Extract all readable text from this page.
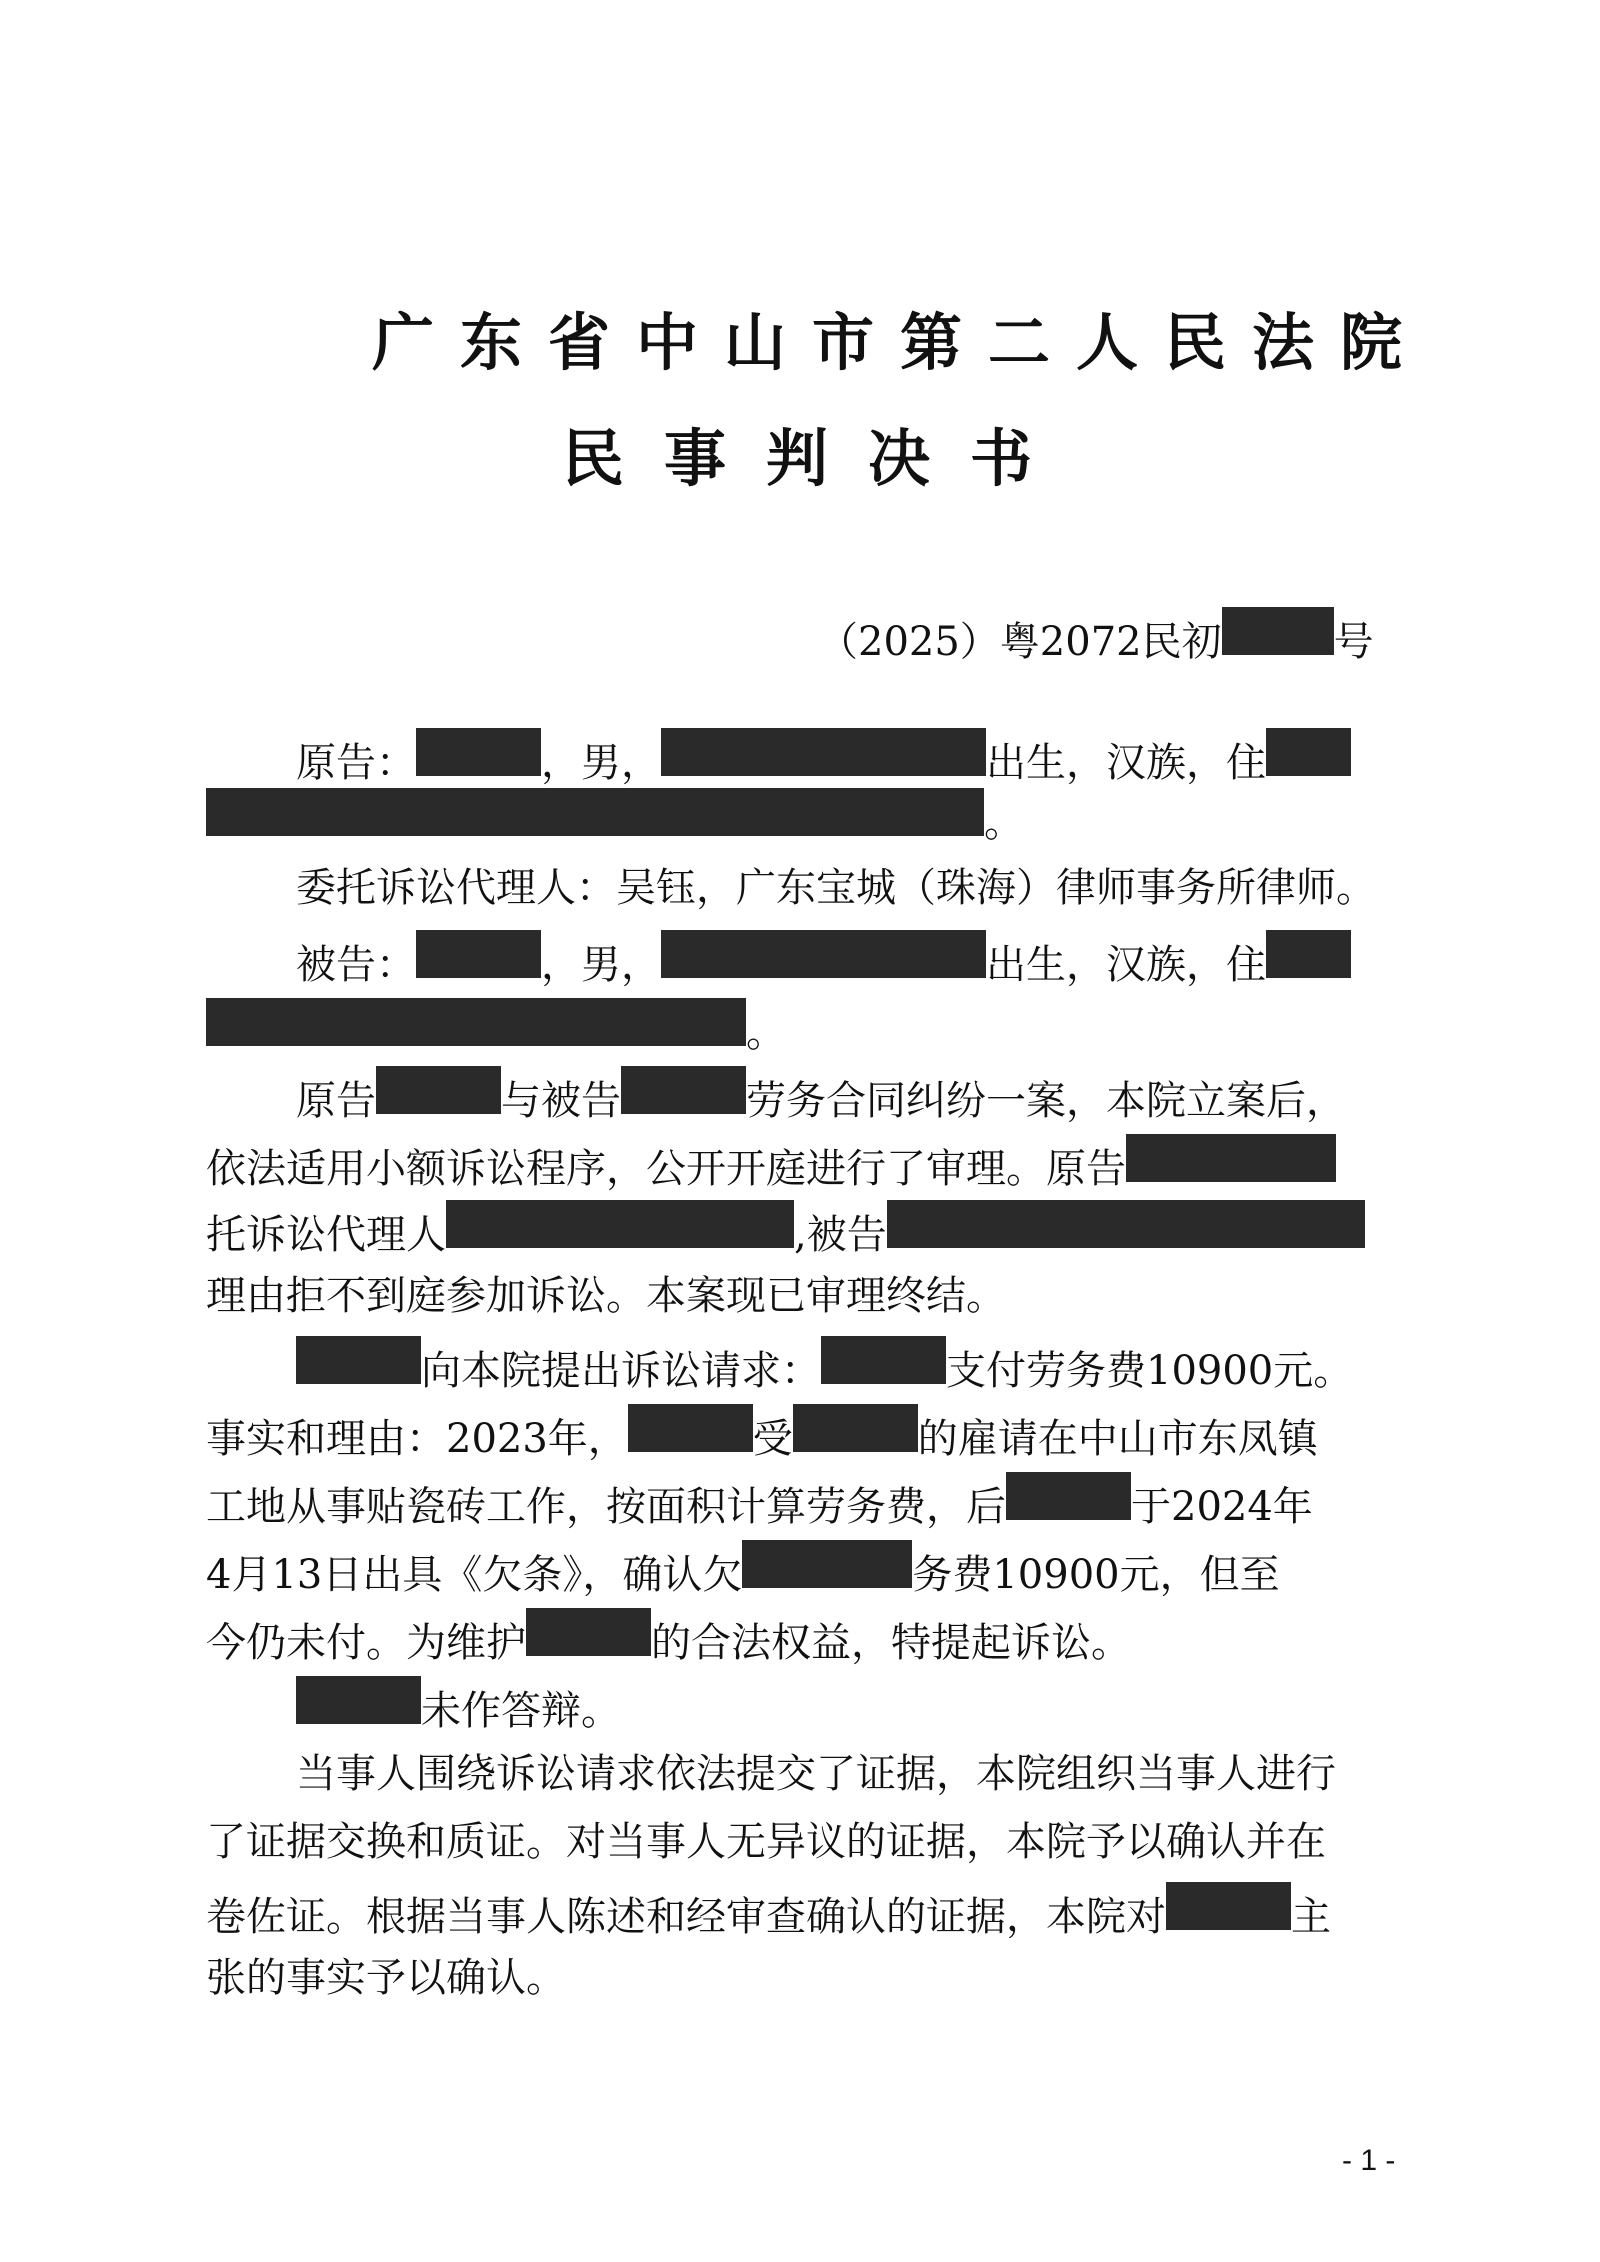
广东省中山市第二人民法院
民事判决书
（2025）粤2072民初	号
原告：	，男，	出生，汉族，住
。
委托诉讼代理人：吴钰，广东宝城（珠海）律师事务所律师。
被告：	，男，	出生，汉族，住
。
原告	与被告	劳务合同纠纷一案，本院立案后，
依法适用小额诉讼程序，公开开庭进行了审理。原告
托诉讼代理人	,被告
理由拒不到庭参加诉讼。本案现已审理终结。
向本院提出诉讼请求：	支付劳务费10900元。
事实和理由：2023年，	受	的雇请在中山市东凤镇
工地从事贴瓷砖工作，按面积计算劳务费，后	于2024年
4月13日出具《欠条》，确认欠	务费10900元，但至
今仍未付。为维护	的合法权益，特提起诉讼。
未作答辩。
当事人围绕诉讼请求依法提交了证据，本院组织当事人进行
了证据交换和质证。对当事人无异议的证据，本院予以确认并在
卷佐证。根据当事人陈述和经审查确认的证据，本院对	主
张的事实予以确认。
- 1 -
